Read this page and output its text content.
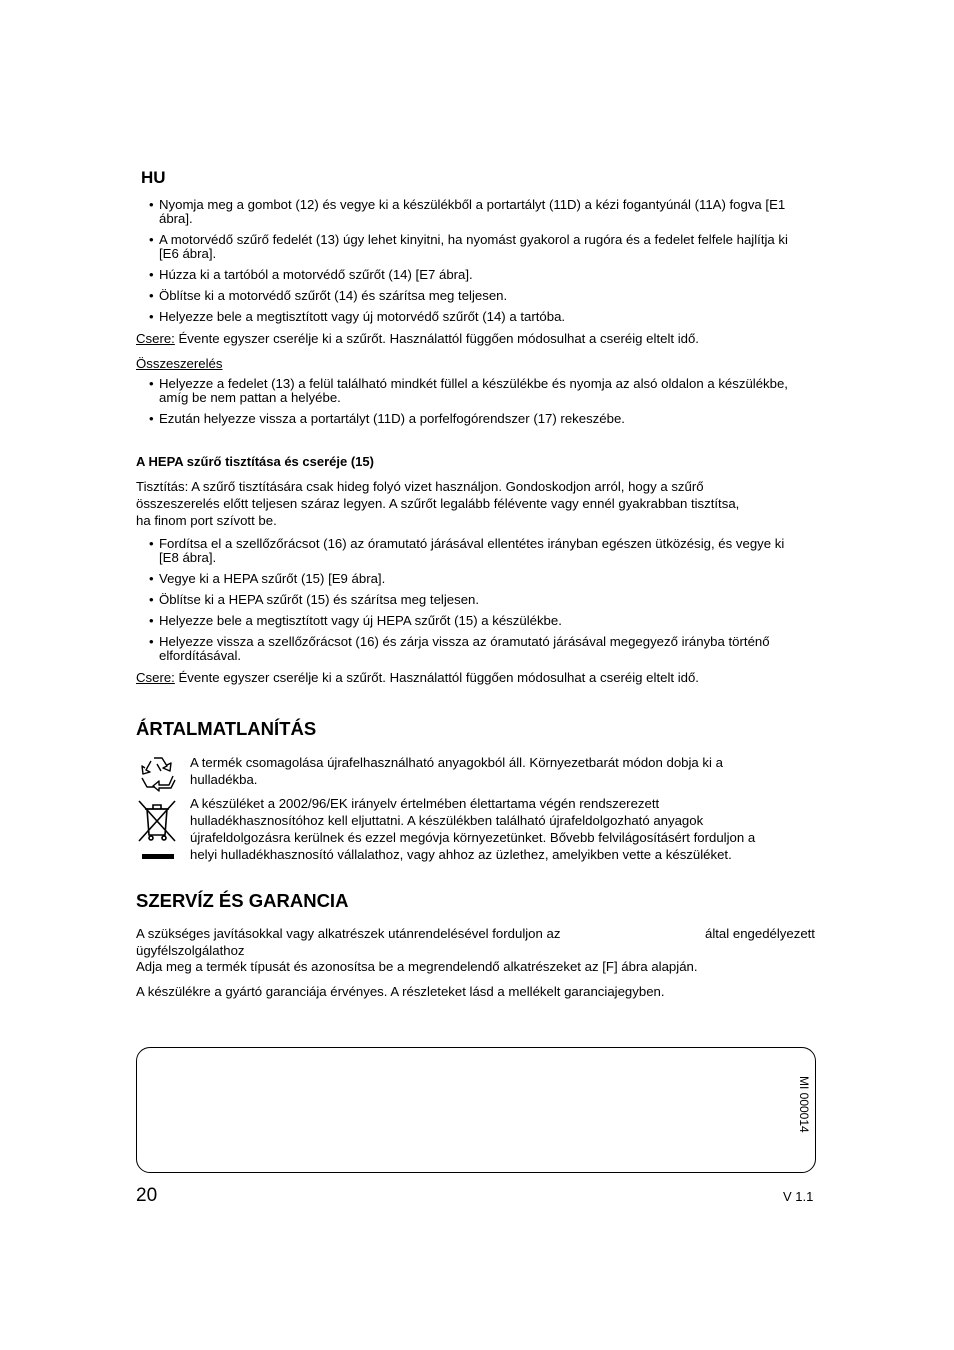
HU
• Nyomja meg a gombot (12) és vegye ki a készülékből a portartályt (11D) a kézi fogantyúnál (11A) fogva [E1 ábra].
• A motorvédő szűrő fedelét (13) úgy lehet kinyitni, ha nyomást gyakorol a rugóra és a fedelet felfele hajlítja ki [E6 ábra].
• Húzza ki a tartóból a motorvédő szűrőt (14) [E7 ábra].
• Öblítse ki a motorvédő szűrőt (14) és szárítsa meg teljesen.
• Helyezze bele a megtisztított vagy új motorvédő szűrőt (14) a tartóba.
Csere: Évente egyszer cserélje ki a szűrőt. Használattól függően módosulhat a cseréig eltelt idő.
Összeszerelés
• Helyezze a fedelet (13) a felül található mindkét füllel a készülékbe és nyomja az alsó oldalon a készülékbe, amíg be nem pattan a helyébe.
• Ezután helyezze vissza a portartályt (11D) a porfelfogórendszer (17) rekeszébe.
A HEPA szűrő tisztítása és cseréje (15)
Tisztítás: A szűrő tisztítására csak hideg folyó vizet használjon. Gondoskodjon arról, hogy a szűrő
összeszerelés előtt teljesen száraz legyen. A szűrőt legalább félévente vagy ennél gyakrabban tisztítsa,
ha finom port szívott be.
• Fordítsa el a szellőzőrácsot (16) az óramutató járásával ellentétes irányban egészen ütközésig, és vegye ki [E8 ábra].
• Vegye ki a HEPA szűrőt (15) [E9 ábra].
• Öblítse ki a HEPA szűrőt (15) és szárítsa meg teljesen.
• Helyezze bele a megtisztított vagy új HEPA szűrőt (15) a készülékbe.
• Helyezze vissza a szellőzőrácsot (16) és zárja vissza az óramutató járásával megegyező irányba történő elfordításával.
Csere: Évente egyszer cserélje ki a szűrőt. Használattól függően módosulhat a cseréig eltelt idő.
ÁRTALMATLANÍTÁS
A termék csomagolása újrafelhasználható anyagokból áll. Környezetbarát módon dobja ki a
hulladékba.
A készüléket a 2002/96/EK irányelv értelmében élettartama végén rendszerezett
hulladékhasznosítóhoz kell eljuttatni. A készülékben található újrafeldolgozható anyagok
újrafeldolgozásra kerülnek és ezzel megóvja környezetünket. Bővebb felvilágosításért forduljon a
helyi hulladékhasznosító vállalathoz, vagy ahhoz az üzlethez, amelyikben vette a készüléket.
SZERVÍZ ÉS GARANCIA
A szükséges javításokkal vagy alkatrészek utánrendelésével forduljon az	által engedélyezett
ügyfélszolgálathoz
Adja meg a termék típusát és azonosítsa be a megrendelendő alkatrészeket az [F] ábra alapján.
A készülékre a gyártó garanciája érvényes. A részleteket lásd a mellékelt garanciajegyben.
MI 000014
20	V 1.1
